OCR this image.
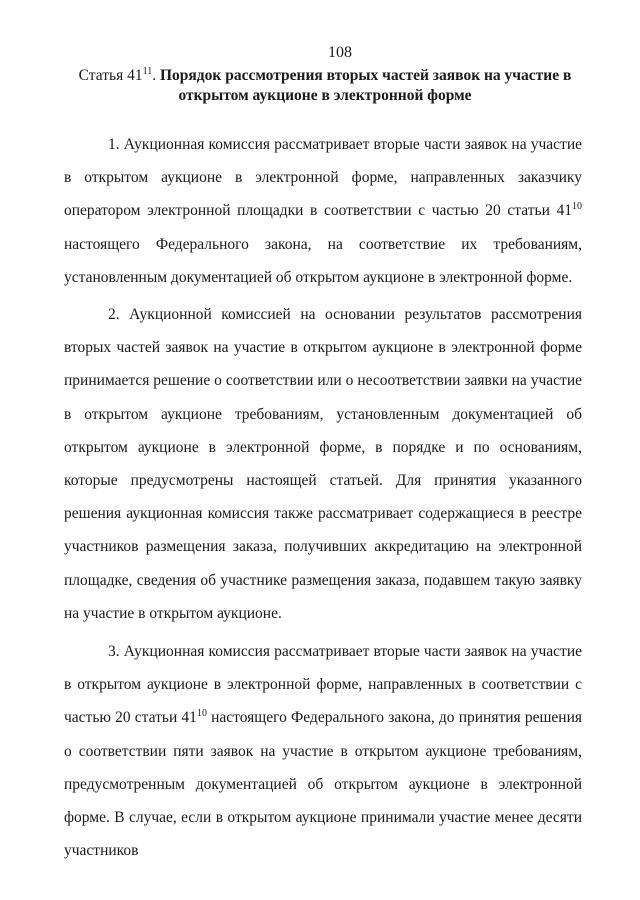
108
Статья $41^{11}$. Порядок рассмотрения вторых частей заявок на участие в открытом аукционе в электронной форме

1. Аукционная комиссия рассматривает вторые части заявок на участие в открытом аукционе в электронной форме, направленных заказчику оператором электронной площадки в соответствии с частью 20 статьи $41^{10}$ настоящего Федерального закона, на соответствие их требованиям, установленным документацией об открытом аукционе в электронной форме.

2. Аукционной комиссией на основании результатов рассмотрения вторых частей заявок на участие в открытом аукционе в электронной форме принимается решение о соответствии или о несоответствии заявки на участие в открытом аукционе требованиям, установленным документацией об открытом аукционе в электронной форме, в порядке и по основаниям, которые предусмотрены настоящей статьей. Для принятия указанного решения аукционная комиссия также рассматривает содержащиеся в реестре участников размещения заказа, получивших аккредитацию на электронной площадке, сведения об участнике размещения заказа, подавшем такую заявку на участие в открытом аукционе.

3. Аукционная комиссия рассматривает вторые части заявок на участие в открытом аукционе в электронной форме, направленных в соответствии с частью 20 статьи $41^{10}$ настоящего Федерального закона, до принятия решения о соответствии пяти заявок на участие в открытом аукционе требованиям, предусмотренным документацией об открытом аукционе в электронной форме. В случае, если в открытом аукционе принимали участие менее десяти участников
